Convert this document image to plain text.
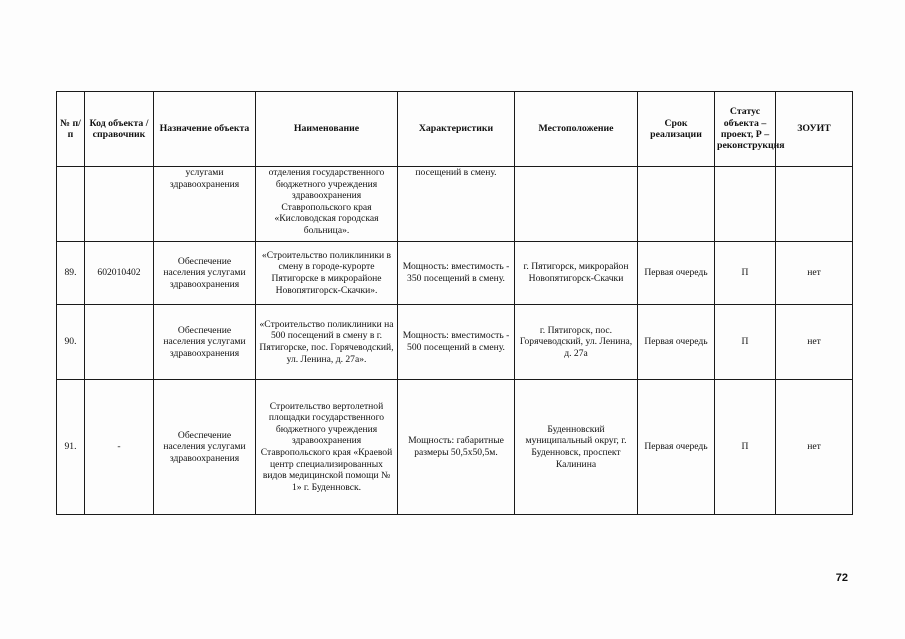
№ п/п	Код объекта / справочник	Назначение объекта	Наименование	Характеристики	Местоположение	Срок реализации	Статус объекта – проект, Р – реконструкция	ЗОУИТ
		услугами здравоохранения	отделения государственного бюджетного учреждения здравоохранения Ставропольского края «Кисловодская городская больница».	посещений в смену.				
89.	602010402	Обеспечение населения услугами здравоохранения	«Строительство поликлиники в смену в городе-курорте Пятигорске в микрорайоне Новопятигорск-Скачки».	Мощность: вместимость - 350 посещений в смену.	г. Пятигорск, микрорайон Новопятигорск-Скачки	Первая очередь	П	нет
90.		Обеспечение населения услугами здравоохранения	«Строительство поликлиники на 500 посещений в смену в г. Пятигорске, пос. Горячеводский, ул. Ленина, д. 27а».	Мощность: вместимость - 500 посещений в смену.	г. Пятигорск, пос. Горячеводский, ул. Ленина, д. 27а	Первая очередь	П	нет
91.	-	Обеспечение населения услугами здравоохранения	Строительство вертолетной площадки государственного бюджетного учреждения здравоохранения Ставропольского края «Краевой центр специализированных видов медицинской помощи № 1» г. Буденновск.	Мощность: габаритные размеры 50,5х50,5м.	Буденновский муниципальный округ, г. Буденновск, проспект Калинина	Первая очередь	П	нет
72
